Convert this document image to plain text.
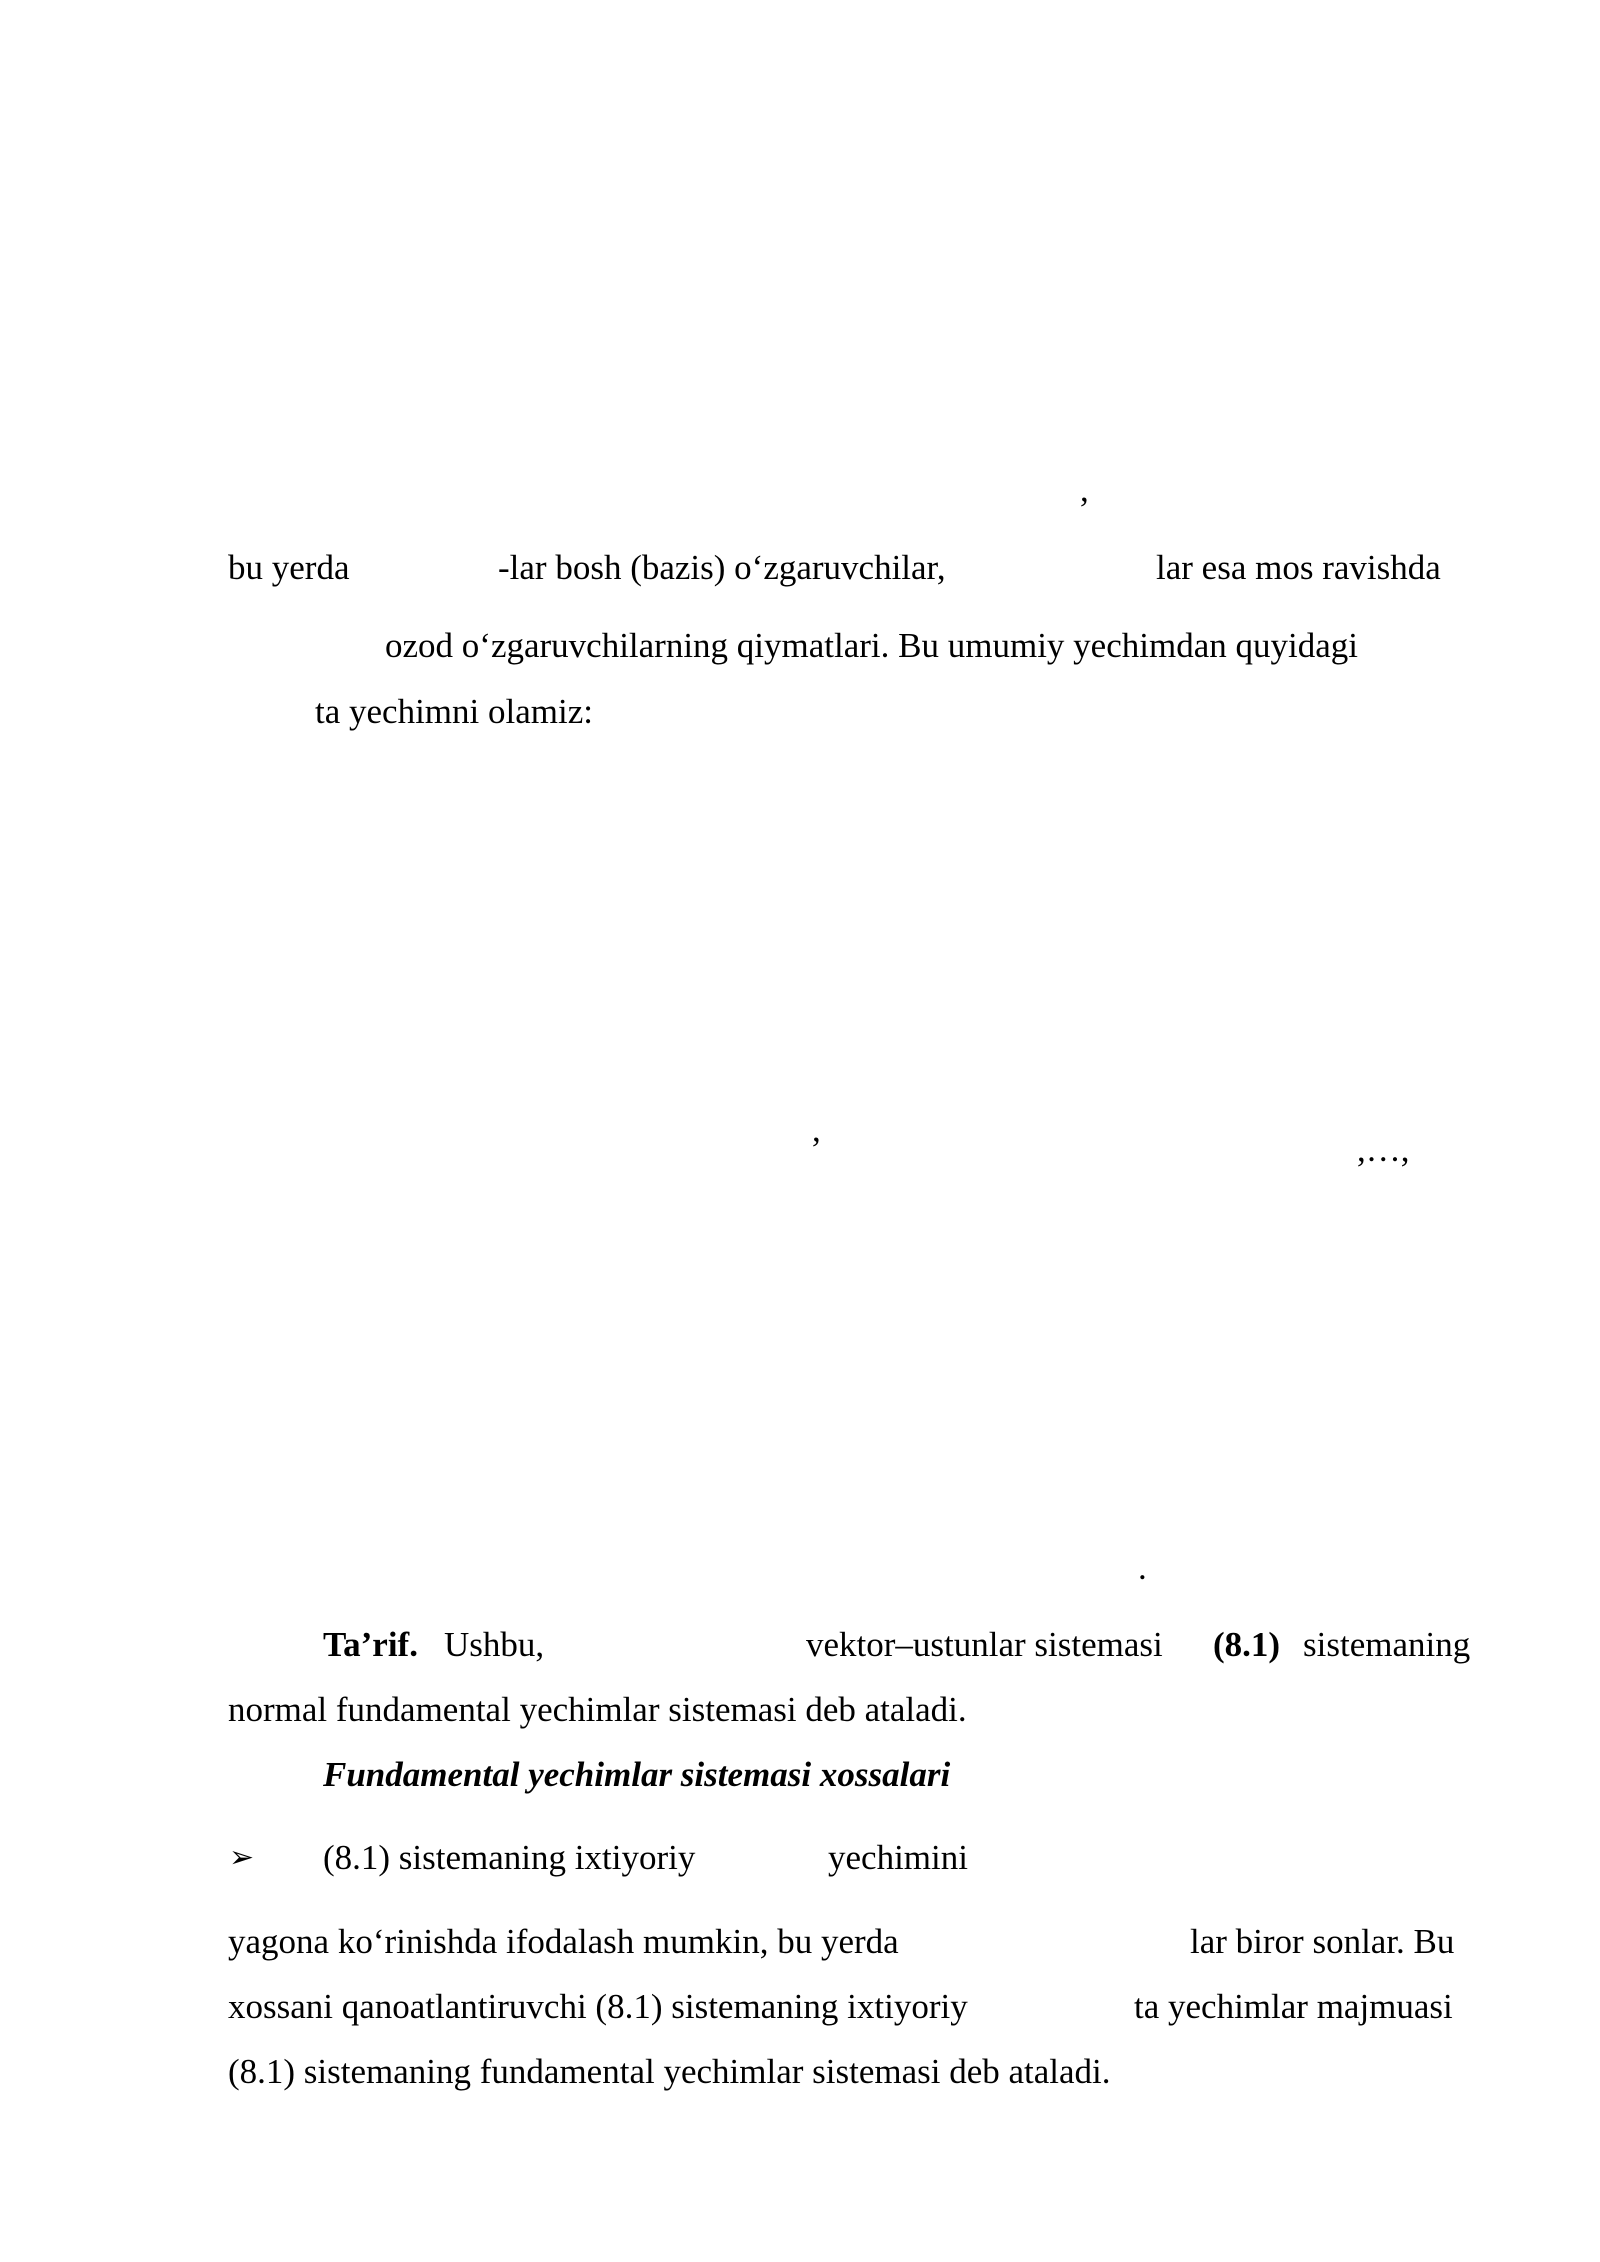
,
bu yerda	-lar bosh (bazis) o‘zgaruvchilar,	lar esa mos ravishda
ozod o‘zgaruvchilarning qiymatlari. Bu umumiy yechimdan quyidagi
ta yechimni olamiz:
,
,…,
.
Ta’rif. Ushbu,	vektor–ustunlar sistemasi (8.1) sistemaning
normal fundamental yechimlar sistemasi deb ataladi.
Fundamental yechimlar sistemasi xossalari
➢ (8.1) sistemaning ixtiyoriy	yechimini
yagona ko‘rinishda ifodalash mumkin, bu yerda	lar biror sonlar. Bu
xossani qanoatlantiruvchi (8.1) sistemaning ixtiyoriy	ta yechimlar majmuasi
(8.1) sistemaning fundamental yechimlar sistemasi deb ataladi.
